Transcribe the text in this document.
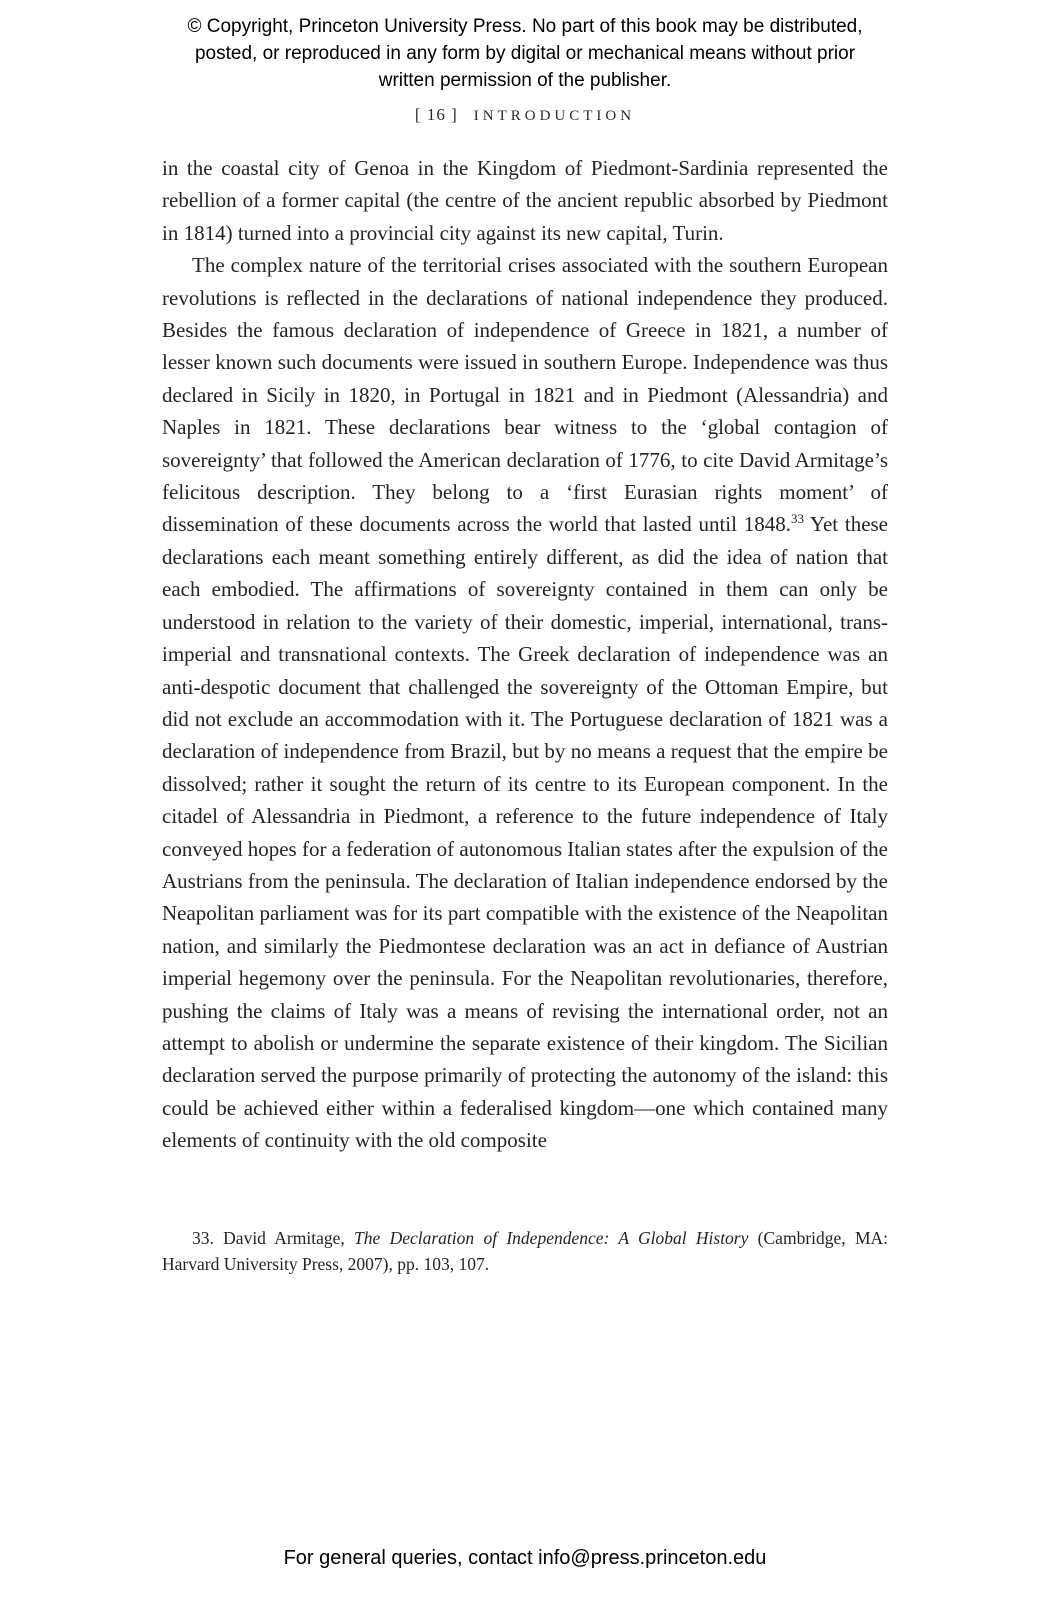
© Copyright, Princeton University Press. No part of this book may be distributed, posted, or reproduced in any form by digital or mechanical means without prior written permission of the publisher.
[ 16 ] INTRODUCTION

in the coastal city of Genoa in the Kingdom of Piedmont-Sardinia represented the rebellion of a former capital (the centre of the ancient republic absorbed by Piedmont in 1814) turned into a provincial city against its new capital, Turin.

The complex nature of the territorial crises associated with the southern European revolutions is reflected in the declarations of national independence they produced. Besides the famous declaration of independence of Greece in 1821, a number of lesser known such documents were issued in southern Europe. Independence was thus declared in Sicily in 1820, in Portugal in 1821 and in Piedmont (Alessandria) and Naples in 1821. These declarations bear witness to the ‘global contagion of sovereignty’ that followed the American declaration of 1776, to cite David Armitage’s felicitous description. They belong to a ‘first Eurasian rights moment’ of dissemination of these documents across the world that lasted until 1848.33 Yet these declarations each meant something entirely different, as did the idea of nation that each embodied. The affirmations of sovereignty contained in them can only be understood in relation to the variety of their domestic, imperial, international, trans-imperial and transnational contexts. The Greek declaration of independence was an anti-despotic document that challenged the sovereignty of the Ottoman Empire, but did not exclude an accommodation with it. The Portuguese declaration of 1821 was a declaration of independence from Brazil, but by no means a request that the empire be dissolved; rather it sought the return of its centre to its European component. In the citadel of Alessandria in Piedmont, a reference to the future independence of Italy conveyed hopes for a federation of autonomous Italian states after the expulsion of the Austrians from the peninsula. The declaration of Italian independence endorsed by the Neapolitan parliament was for its part compatible with the existence of the Neapolitan nation, and similarly the Piedmontese declaration was an act in defiance of Austrian imperial hegemony over the peninsula. For the Neapolitan revolutionaries, therefore, pushing the claims of Italy was a means of revising the international order, not an attempt to abolish or undermine the separate existence of their kingdom. The Sicilian declaration served the purpose primarily of protecting the autonomy of the island: this could be achieved either within a federalised kingdom—one which contained many elements of continuity with the old composite

33. David Armitage, The Declaration of Independence: A Global History (Cambridge, MA: Harvard University Press, 2007), pp. 103, 107.
For general queries, contact info@press.princeton.edu
